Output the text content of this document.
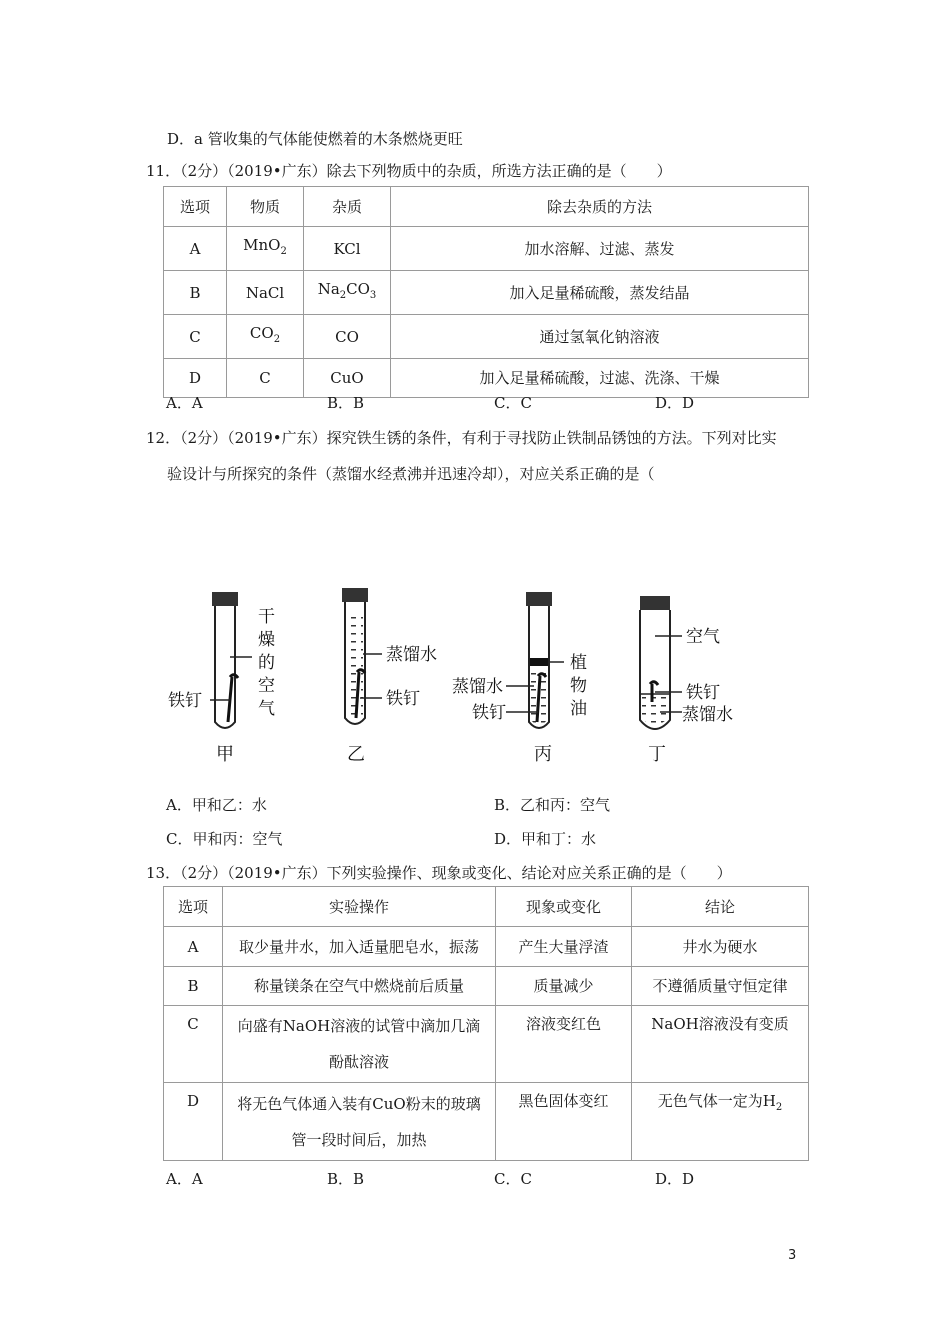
D．a 管收集的气体能使燃着的木条燃烧更旺
11．（2分）（2019•广东）除去下列物质中的杂质，所选方法正确的是（　　）
选项	物质	杂质	除去杂质的方法
A	MnO$_2$	KCl	加水溶解、过滤、蒸发
B	NaCl	$Na_2CO_3$	加入足量稀硫酸，蒸发结晶
C	$CO_2$	CO	通过氢氧化钠溶液
D	C	CuO	加入足量稀硫酸，过滤、洗涤、干燥
A．A	B．B	C．C	D．D
12．（2分）（2019•广东）探究铁生锈的条件，有利于寻找防止铁制品锈蚀的方法。下列对比实
验设计与所探究的条件（蒸馏水经煮沸并迅速冷却），对应关系正确的是（
铁钉
干
燥
的
空
气
甲
蒸馏水
铁钉
乙
蒸馏水
铁钉
植
物
油
丙
空气
铁钉
蒸馏水
丁
A．甲和乙：水	B．乙和丙：空气
C．甲和丙：空气	D．甲和丁：水
13．（2分）（2019•广东）下列实验操作、现象或变化、结论对应关系正确的是（　　）
选项	实验操作	现象或变化	结论
A	取少量井水，加入适量肥皂水，振荡	产生大量浮渣	井水为硬水
B	称量镁条在空气中燃烧前后质量	质量减少	不遵循质量守恒定律
C	向盛有NaOH溶液的试管中滴加几滴
酚酞溶液	溶液变红色	NaOH溶液没有变质
D	将无色气体通入装有CuO粉末的玻璃
管一段时间后，加热	黑色固体变红	无色气体一定为$H_2$
A．A	B．B	C．C	D．D
3
